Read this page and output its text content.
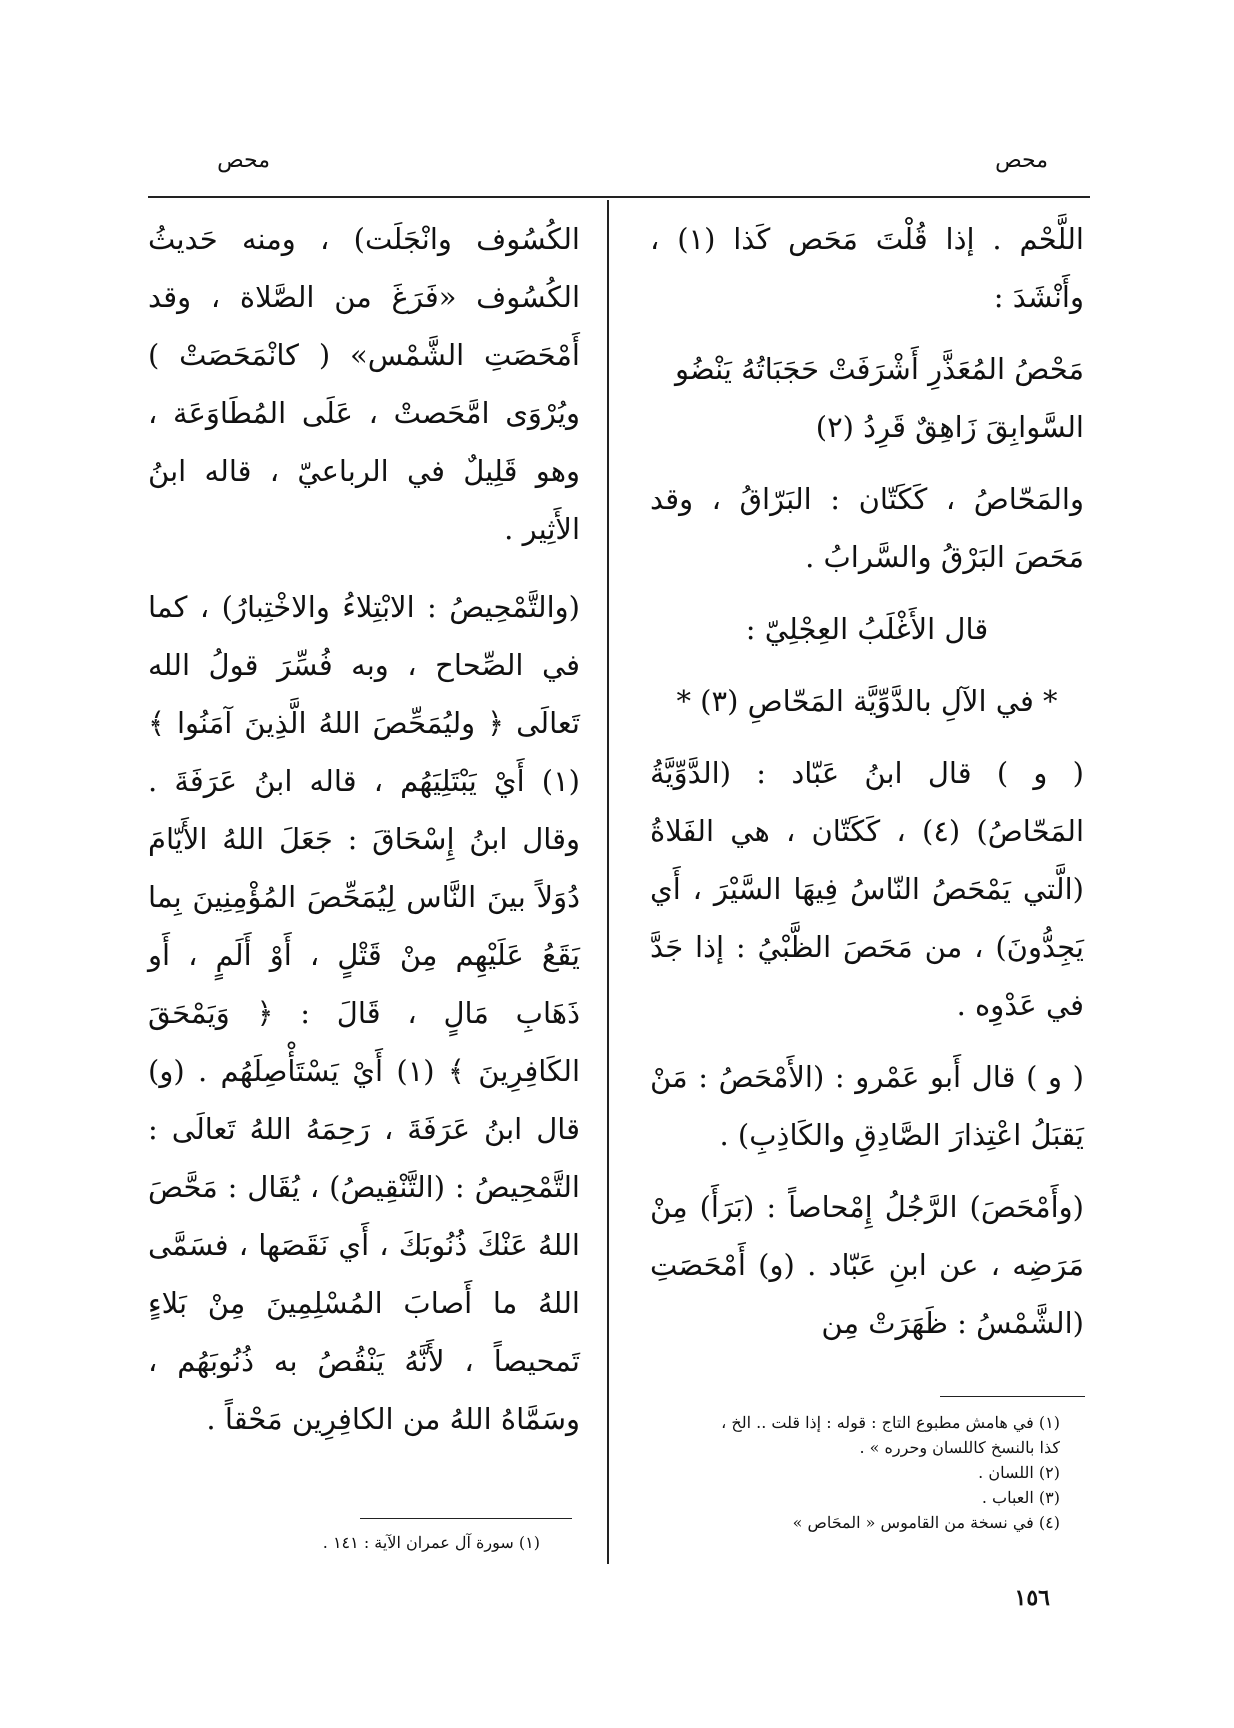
محص
محص

اللَّحْم . إذا قُلْتَ مَحَص كَذا (١) ، وأَنْشَدَ :

مَحْصُ المُعَذَّرِ أَشْرَفَتْ حَجَبَاتُهُ يَنْضُو السَّوابِقَ زَاهِقٌ قَرِدُ (٢)

والمَحّاصُ ، كَكَتّان : البَرّاقُ ، وقد مَحَصَ البَرْقُ والسَّرابُ .

قال الأَغْلَبُ العِجْلِيّ :

* في الآلِ بالدَّوِّيَّة المَحّاصِ (٣) *

( و ) قال ابنُ عَبّاد : (الدَّوِّيَّةُ المَحّاصُ) (٤) ، كَكَتّان ، هي الفَلاةُ (الَّتي يَمْحَصُ النّاسُ فِيهَا السَّيْرَ ، أَي يَجِدُّونَ) ، من مَحَصَ الظَّبْيُ : إذا جَدَّ في عَدْوِه .

( و ) قال أَبو عَمْرو : (الأَمْحَصُ : مَنْ يَقبَلُ اعْتِذارَ الصَّادِقِ والكَاذِبِ) .

(وأَمْحَصَ) الرَّجُلُ إِمْحاصاً : (بَرَأَ) مِنْ مَرَضِه ، عن ابنِ عَبّاد . (و) أَمْحَصَتِ (الشَّمْسُ : ظَهَرَتْ مِن

الكُسُوف وانْجَلَت) ، ومنه حَديثُ الكُسُوف «فَرَغَ من الصَّلاة ، وقد أَمْحَصَتِ الشَّمْس» ( كانْمَحَصَتْ ) ويُرْوَى امَّحَصتْ ، عَلَى المُطَاوَعَة ، وهو قَلِيلٌ في الرباعيّ ، قاله ابنُ الأَثِير .

(والتَّمْحِيصُ : الابْتِلاءُ والاخْتِبارُ) ، كما في الصِّحاح ، وبه فُسِّرَ قولُ الله تَعالَى ﴿ وليُمَحِّصَ اللهُ الَّذِينَ آمَنُوا ﴾ (١) أَيْ يَبْتَلِيَهُم ، قاله ابنُ عَرَفَةَ . وقال ابنُ إِسْحَاقَ : جَعَلَ اللهُ الأَيّامَ دُوَلاً بينَ النَّاس لِيُمَحِّصَ المُؤْمِنِينَ بِما يَقَعُ عَلَيْهِم مِنْ قَتْلٍ ، أَوْ أَلَمٍ ، أَو ذَهَابِ مَالٍ ، قَالَ : ﴿ وَيَمْحَقَ الكَافِرِينَ ﴾ (١) أَيْ يَسْتَأْصِلَهُم . (و) قال ابنُ عَرَفَةَ ، رَحِمَهُ اللهُ تَعالَى : التَّمْحِيصُ : (التَّنْقِيصُ) ، يُقَال : مَحَّصَ اللهُ عَنْكَ ذُنُوبَكَ ، أَي نَقَصَها ، فسَمَّى اللهُ ما أَصابَ المُسْلِمِينَ مِنْ بَلاءٍ تَمحيصاً ، لأَنَّهُ يَنْقُصُ به ذُنُوبَهُم ، وسَمَّاهُ اللهُ من الكافِرِين مَحْقاً .	(١) في هامش مطبوع التاج : قوله : إذا قلت .. الخ ،
كذا بالنسخ كاللسان وحرره » .
(٢) اللسان .
(٣) العباب .
(٤) في نسخة من القاموس « المحَاص »
(١) سورة آل عمران الآية : ١٤١ .
١٥٦
